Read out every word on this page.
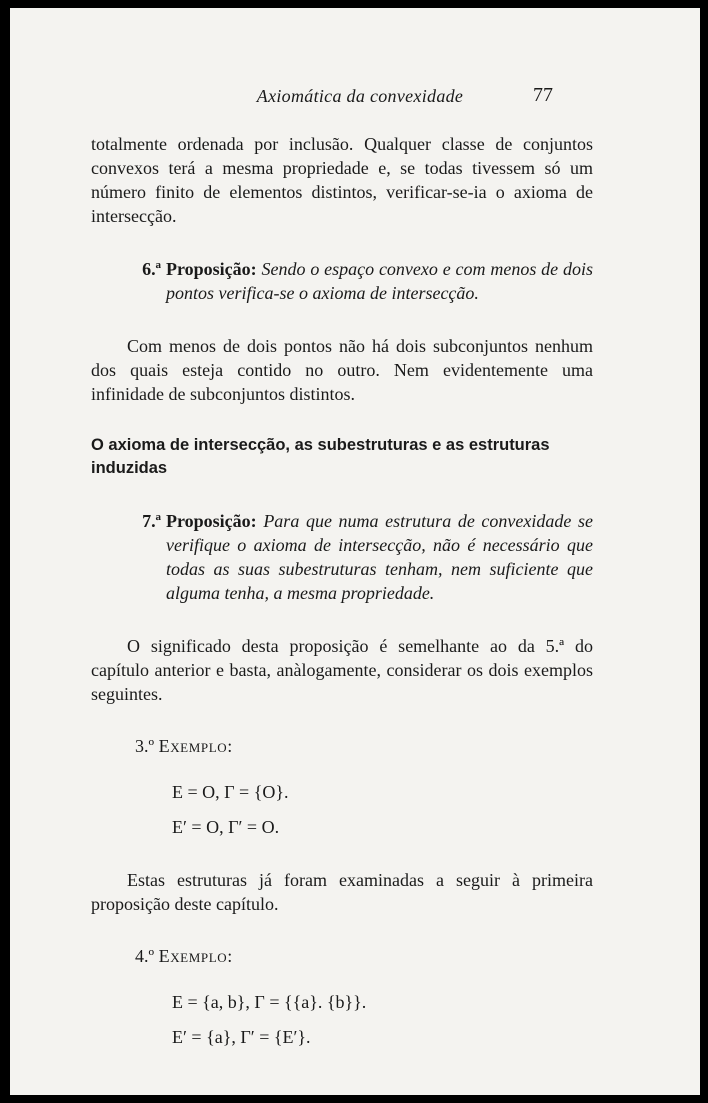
Axiomática da convexidade	77

totalmente ordenada por inclusão. Qualquer classe de conjuntos convexos terá a mesma propriedade e, se todas tivessem só um número finito de elementos distintos, verificar-se-ia o axioma de intersecção.

6.ª Proposição: Sendo o espaço convexo e com menos de dois pontos verifica-se o axioma de intersecção.

Com menos de dois pontos não há dois subconjuntos nenhum dos quais esteja contido no outro. Nem evidentemente uma infinidade de subconjuntos distintos.

O axioma de intersecção, as subestruturas e as estruturas induzidas
7.ª Proposição: Para que numa estrutura de convexidade se verifique o axioma de intersecção, não é necessário que todas as suas subestruturas tenham, nem suficiente que alguma tenha, a mesma propriedade.

O significado desta proposição é semelhante ao da 5.ª do capítulo anterior e basta, anàlogamente, considerar os dois exemplos seguintes.

3.º Exemplo:
E = O, Γ = {O}.
E′ = O, Γ′ = O.

Estas estruturas já foram examinadas a seguir à primeira proposição deste capítulo.

4.º Exemplo:
E = {a, b}, Γ = {{a}. {b}}.
E′ = {a}, Γ′ = {E′}.
